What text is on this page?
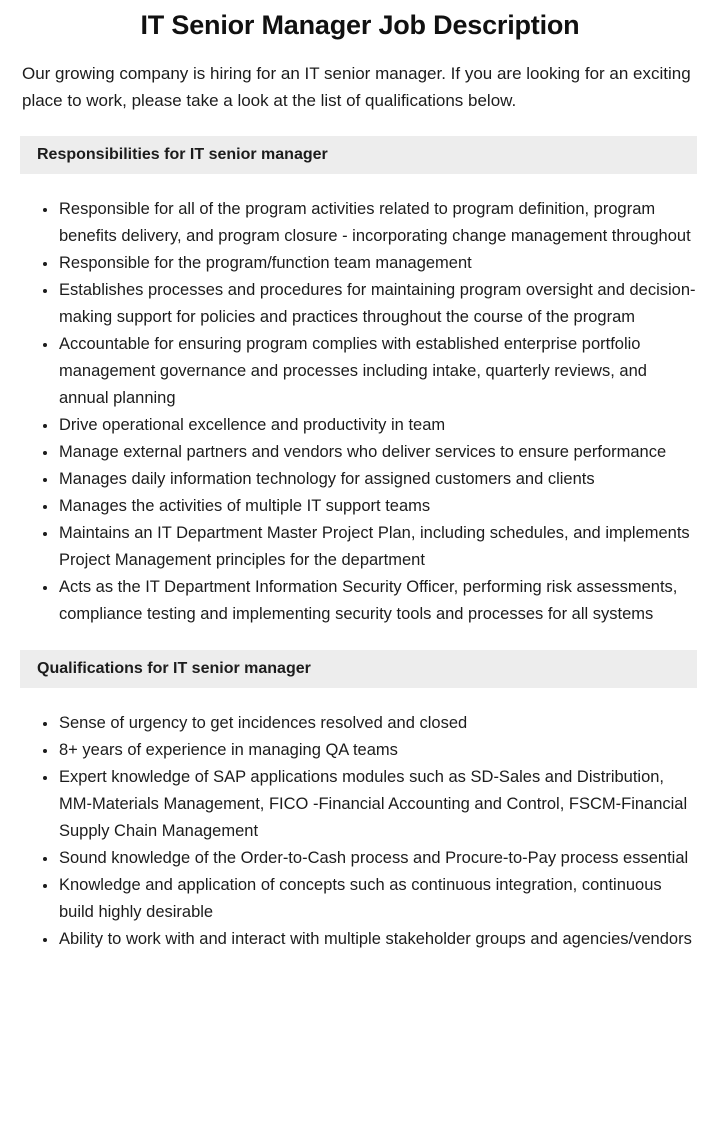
IT Senior Manager Job Description

Our growing company is hiring for an IT senior manager. If you are looking for an exciting place to work, please take a look at the list of qualifications below.

Responsibilities for IT senior manager
Responsible for all of the program activities related to program definition, program benefits delivery, and program closure - incorporating change management throughout
Responsible for the program/function team management
Establishes processes and procedures for maintaining program oversight and decision-making support for policies and practices throughout the course of the program
Accountable for ensuring program complies with established enterprise portfolio management governance and processes including intake, quarterly reviews, and annual planning
Drive operational excellence and productivity in team
Manage external partners and vendors who deliver services to ensure performance
Manages daily information technology for assigned customers and clients
Manages the activities of multiple IT support teams
Maintains an IT Department Master Project Plan, including schedules, and implements Project Management principles for the department
Acts as the IT Department Information Security Officer, performing risk assessments, compliance testing and implementing security tools and processes for all systems
Qualifications for IT senior manager
Sense of urgency to get incidences resolved and closed
8+ years of experience in managing QA teams
Expert knowledge of SAP applications modules such as SD-Sales and Distribution, MM-Materials Management, FICO -Financial Accounting and Control, FSCM-Financial Supply Chain Management
Sound knowledge of the Order-to-Cash process and Procure-to-Pay process essential
Knowledge and application of concepts such as continuous integration, continuous build highly desirable
Ability to work with and interact with multiple stakeholder groups and agencies/vendors
